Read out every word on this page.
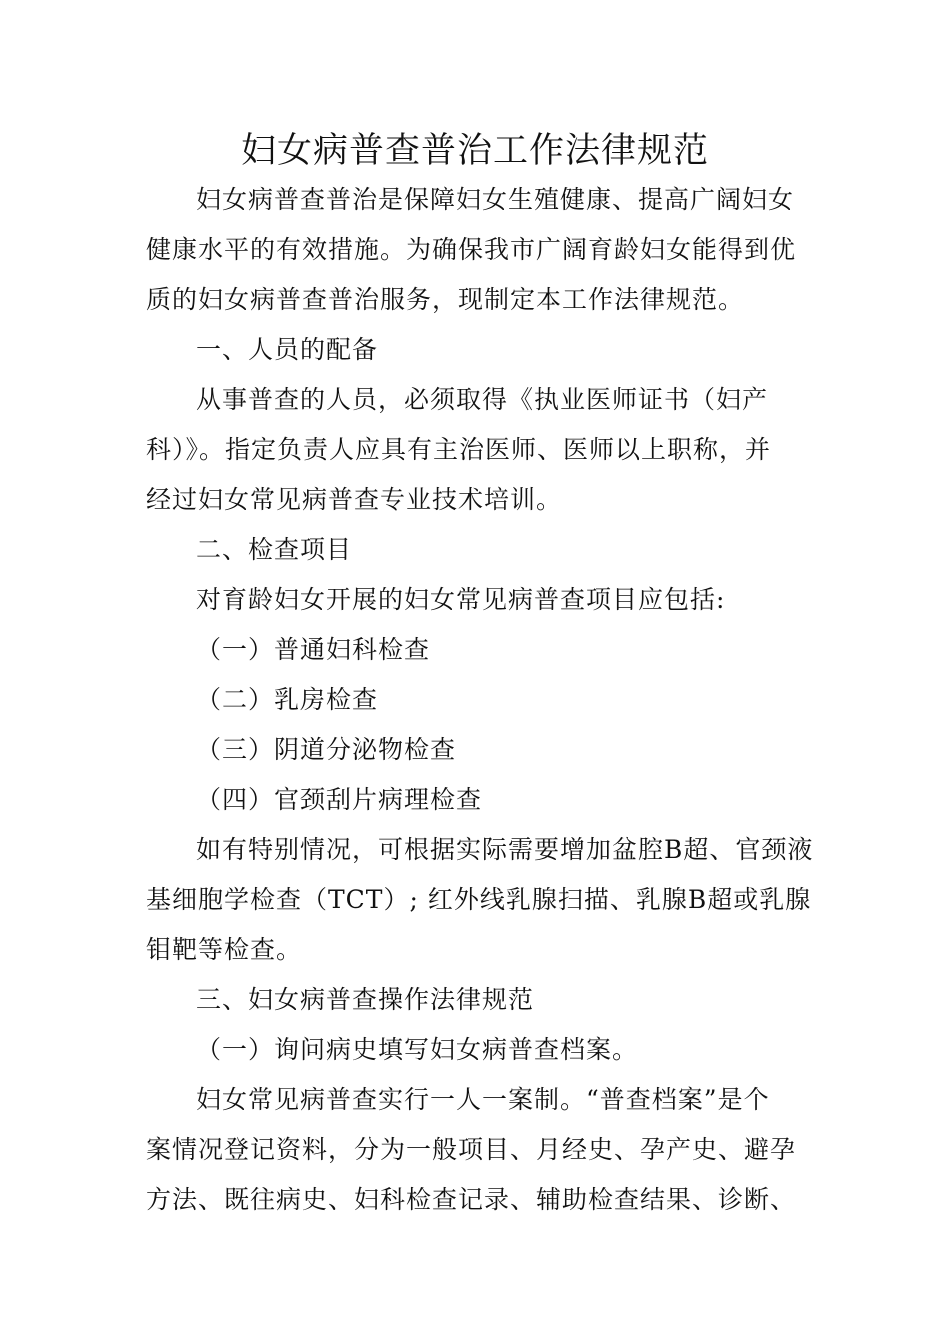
妇女病普查普治工作法律规范
妇女病普查普治是保障妇女生殖健康、提高广阔妇女
健康水平的有效措施。为确保我市广阔育龄妇女能得到优
质的妇女病普查普治服务，现制定本工作法律规范。
一、人员的配备
从事普查的人员，必须取得《执业医师证书（妇产
科）》。指定负责人应具有主治医师、医师以上职称，并
经过妇女常见病普查专业技术培训。
二、检查项目
对育龄妇女开展的妇女常见病普查项目应包括:
（一）普通妇科检查
（二）乳房检查
（三）阴道分泌物检查
（四）官颈刮片病理检查
如有特别情况，可根据实际需要增加盆腔B超、官颈液
基细胞学检查（TCT）; 红外线乳腺扫描、乳腺B超或乳腺
钼靶等检查。
三、妇女病普查操作法律规范
（一）询问病史填写妇女病普查档案。
妇女常见病普查实行一人一案制。“普查档案”是个
案情况登记资料，分为一般项目、月经史、孕产史、避孕
方法、既往病史、妇科检查记录、辅助检查结果、诊断、
